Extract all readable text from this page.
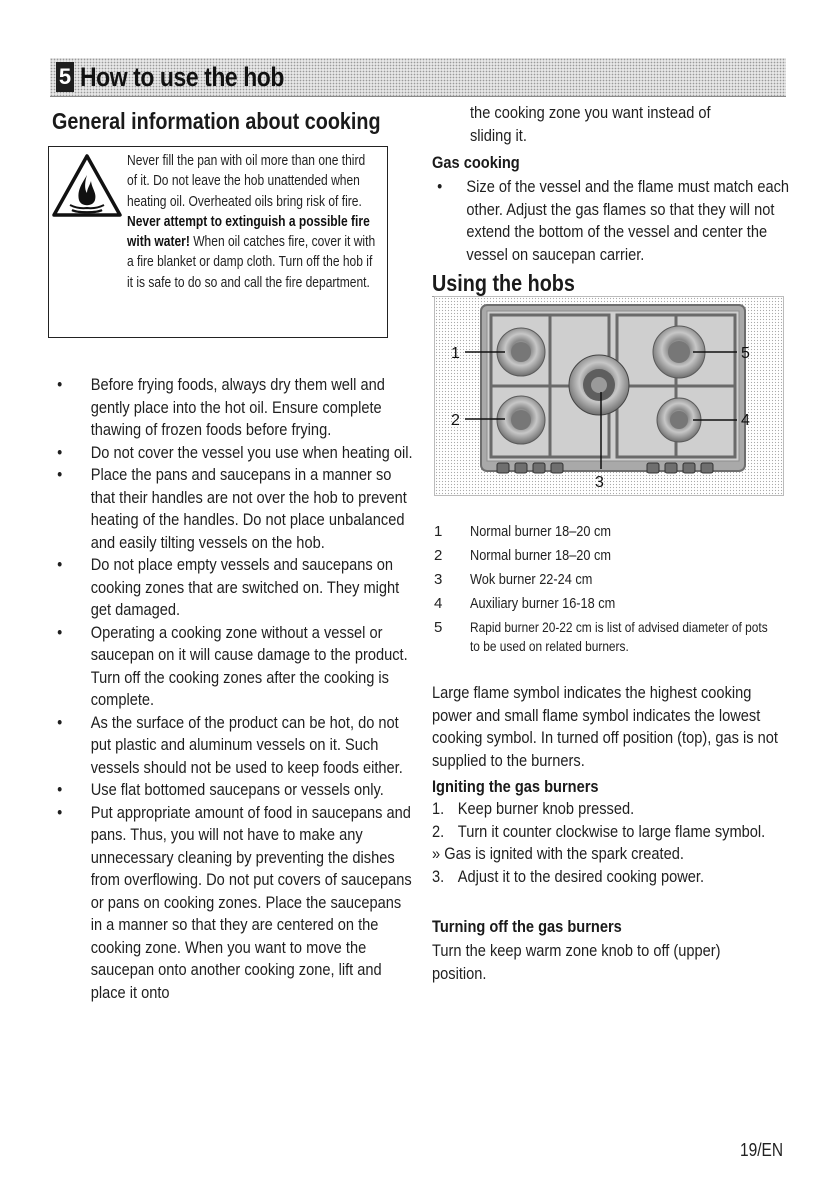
5 How to use the hob
General information about cooking
Never fill the pan with oil more than one third of it. Do not leave the hob unattended when heating oil. Overheated oils bring risk of fire. Never attempt to extinguish a possible fire with water! When oil catches fire, cover it with a fire blanket or damp cloth. Turn off the hob if it is safe to do so and call the fire department.
• Before frying foods, always dry them well and gently place into the hot oil. Ensure complete thawing of frozen foods before frying.
• Do not cover the vessel you use when heating oil.
• Place the pans and saucepans in a manner so that their handles are not over the hob to prevent heating of the handles. Do not place unbalanced and easily tilting vessels on the hob.
• Do not place empty vessels and saucepans on cooking zones that are switched on. They might get damaged.
• Operating a cooking zone without a vessel or saucepan on it will cause damage to the product. Turn off the cooking zones after the cooking is complete.
• As the surface of the product can be hot, do not put plastic and aluminum vessels on it. Such vessels should not be used to keep foods either.
• Use flat bottomed saucepans or vessels only.
• Put appropriate amount of food in saucepans and pans. Thus, you will not have to make any unnecessary cleaning by preventing the dishes from overflowing. Do not put covers of saucepans or pans on cooking zones. Place the saucepans in a manner so that they are centered on the cooking zone. When you want to move the saucepan onto another cooking zone, lift and place it onto
the cooking zone you want instead of sliding it.
Gas cooking
• Size of the vessel and the flame must match each other. Adjust the gas flames so that they will not extend the bottom of the vessel and center the vessel on saucepan carrier.
Using the hobs
1
2
3
4
5
1	Normal burner 18–20 cm
2	Normal burner 18–20 cm
3	Wok burner 22-24 cm
4	Auxiliary burner 16-18 cm
5	Rapid burner 20-22 cm is list of advised diameter of pots to be used on related burners.
Large flame symbol indicates the highest cooking power and small flame symbol indicates the lowest cooking symbol. In turned off position (top), gas is not supplied to the burners.
Igniting the gas burners
1. Keep burner knob pressed.
2. Turn it counter clockwise to large flame symbol.
» Gas is ignited with the spark created.
3. Adjust it to the desired cooking power.
Turning off the gas burners
Turn the keep warm zone knob to off (upper) position.
19/EN
